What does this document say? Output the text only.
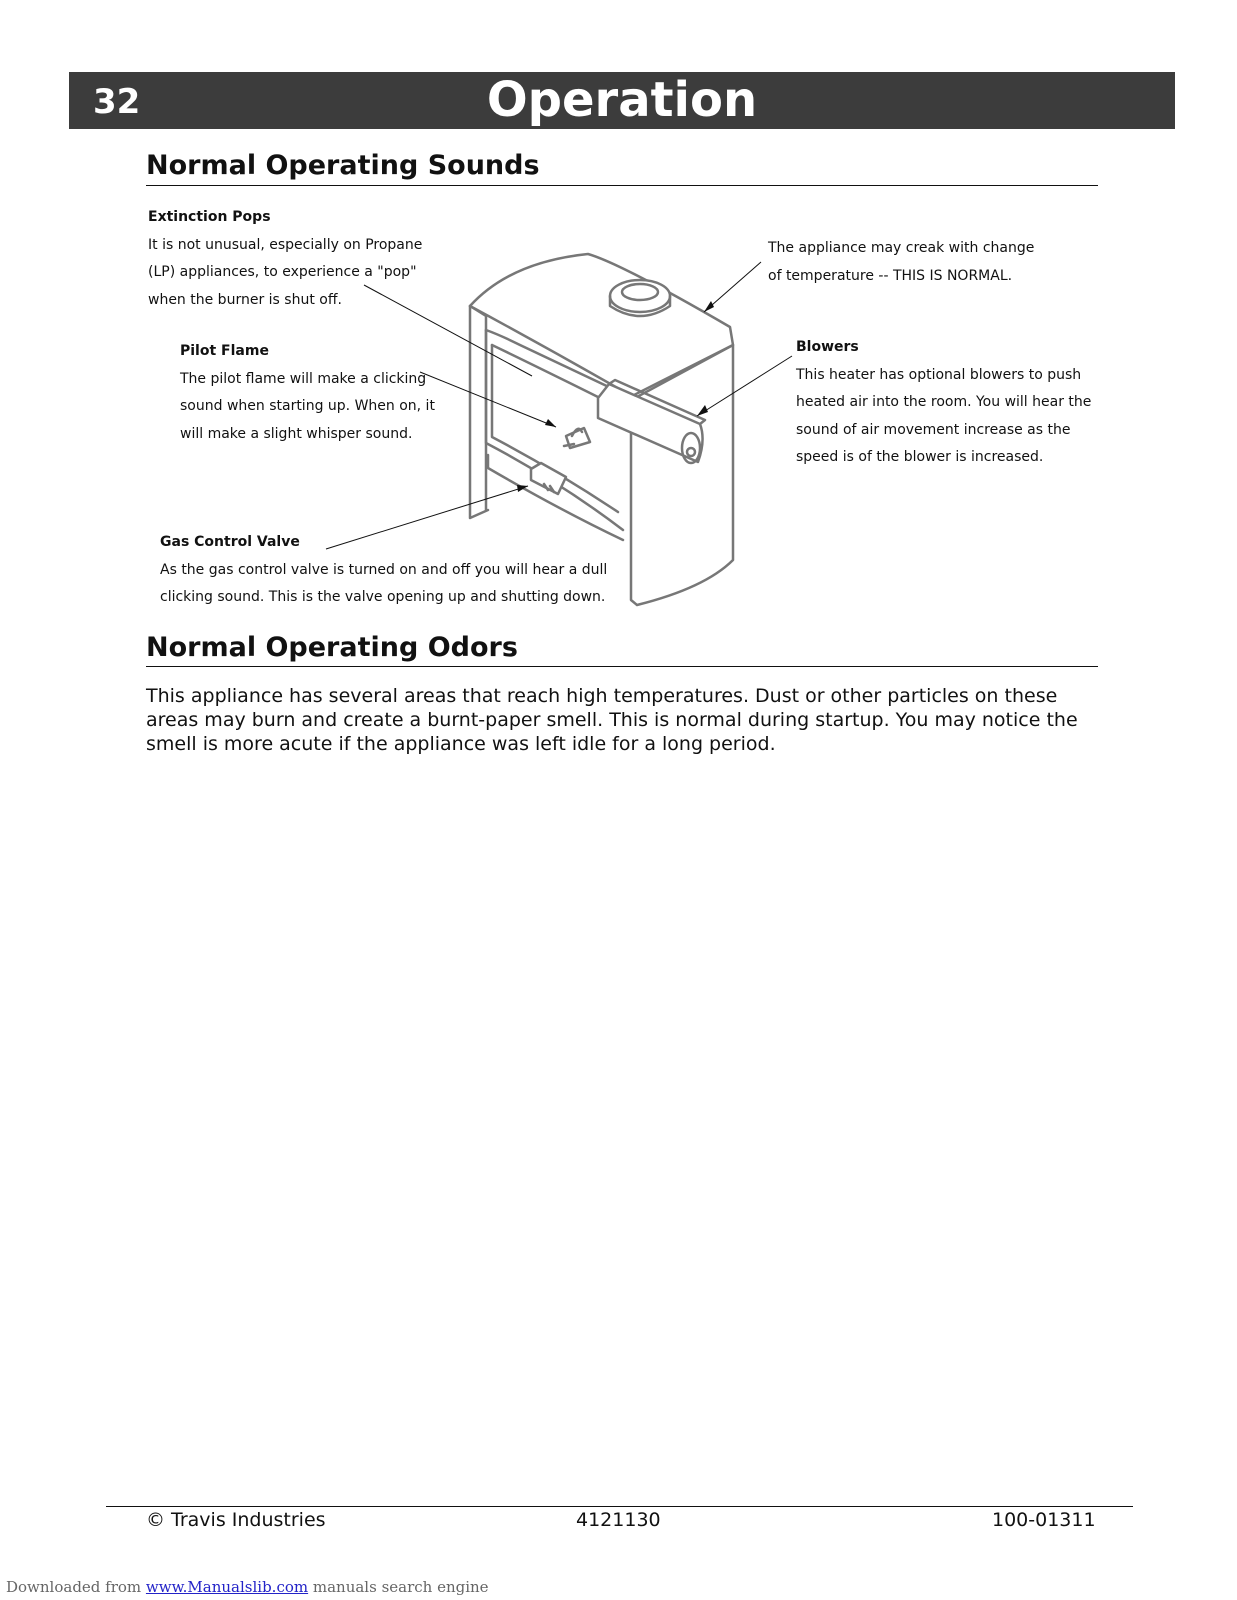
32	Operation
Normal Operating Sounds
Extinction Pops
It is not unusual, especially on Propane
(LP) appliances, to experience a "pop"
when the burner is shut off.
The appliance may creak with change
of temperature -- THIS IS NORMAL.
Pilot Flame
The pilot flame will make a clicking
sound when starting up. When on, it
will make a slight whisper sound.
Blowers
This heater has optional blowers to push
heated air into the room. You will hear the
sound of air movement increase as the
speed is of the blower is increased.
Gas Control Valve
As the gas control valve is turned on and off you will hear a dull
clicking sound. This is the valve opening up and shutting down.
Normal Operating Odors
This appliance has several areas that reach high temperatures. Dust or other particles on these areas may burn and create a burnt-paper smell. This is normal during startup. You may notice the smell is more acute if the appliance was left idle for a long period.
© Travis Industries	4121130	100-01311
Downloaded from www.Manualslib.com manuals search engine
